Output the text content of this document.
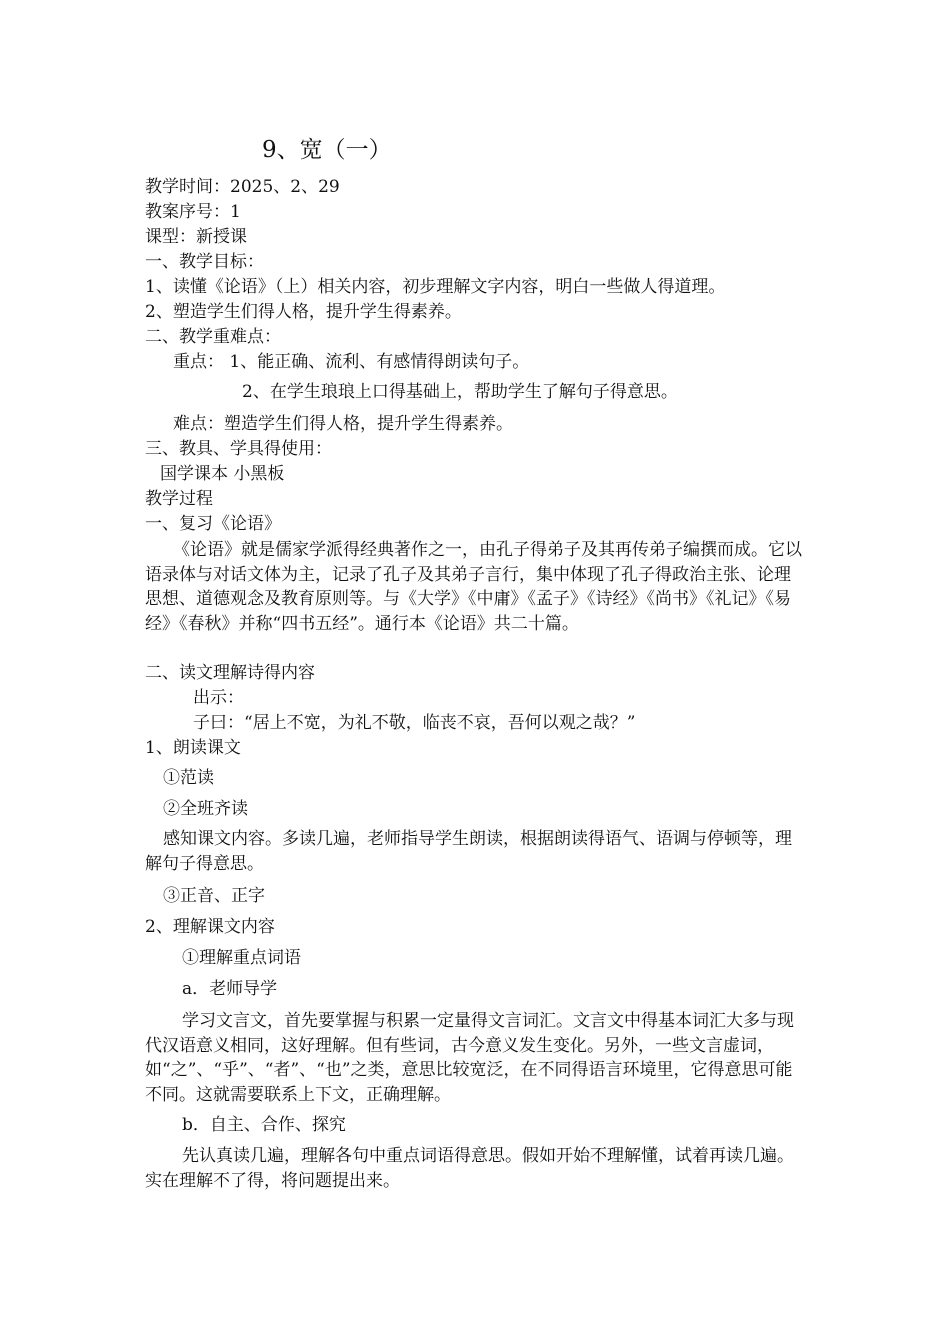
9、宽（一）
教学时间：2025、2、29
教案序号：1
课型：新授课
一、教学目标：
1、读懂《论语》（上）相关内容，初步理解文字内容，明白一些做人得道理。
2、塑造学生们得人格，提升学生得素养。
二、教学重难点：
重点： 1、能正确、流利、有感情得朗读句子。
2、在学生琅琅上口得基础上，帮助学生了解句子得意思。
难点：塑造学生们得人格，提升学生得素养。
三、教具、学具得使用：
国学课本 小黑板
教学过程
一、复习《论语》
《论语》就是儒家学派得经典著作之一，由孔子得弟子及其再传弟子编撰而成。它以语录体与对话文体为主，记录了孔子及其弟子言行，集中体现了孔子得政治主张、论理思想、道德观念及教育原则等。与《大学》《中庸》《孟子》《诗经》《尚书》《礼记》《易经》《春秋》并称“四书五经”。通行本《论语》共二十篇。
二、读文理解诗得内容
出示：
子曰：“居上不宽，为礼不敬，临丧不哀，吾何以观之哉？”
1、朗读课文
①范读
②全班齐读
感知课文内容。多读几遍，老师指导学生朗读，根据朗读得语气、语调与停顿等，理解句子得意思。
③正音、正字
2、理解课文内容
①理解重点词语
a．老师导学
学习文言文，首先要掌握与积累一定量得文言词汇。文言文中得基本词汇大多与现代汉语意义相同，这好理解。但有些词，古今意义发生变化。另外，一些文言虚词，如“之”、“乎”、“者”、“也”之类，意思比较宽泛，在不同得语言环境里，它得意思可能不同。这就需要联系上下文，正确理解。
b．自主、合作、探究
先认真读几遍，理解各句中重点词语得意思。假如开始不理解懂，试着再读几遍。实在理解不了得，将问题提出来。
